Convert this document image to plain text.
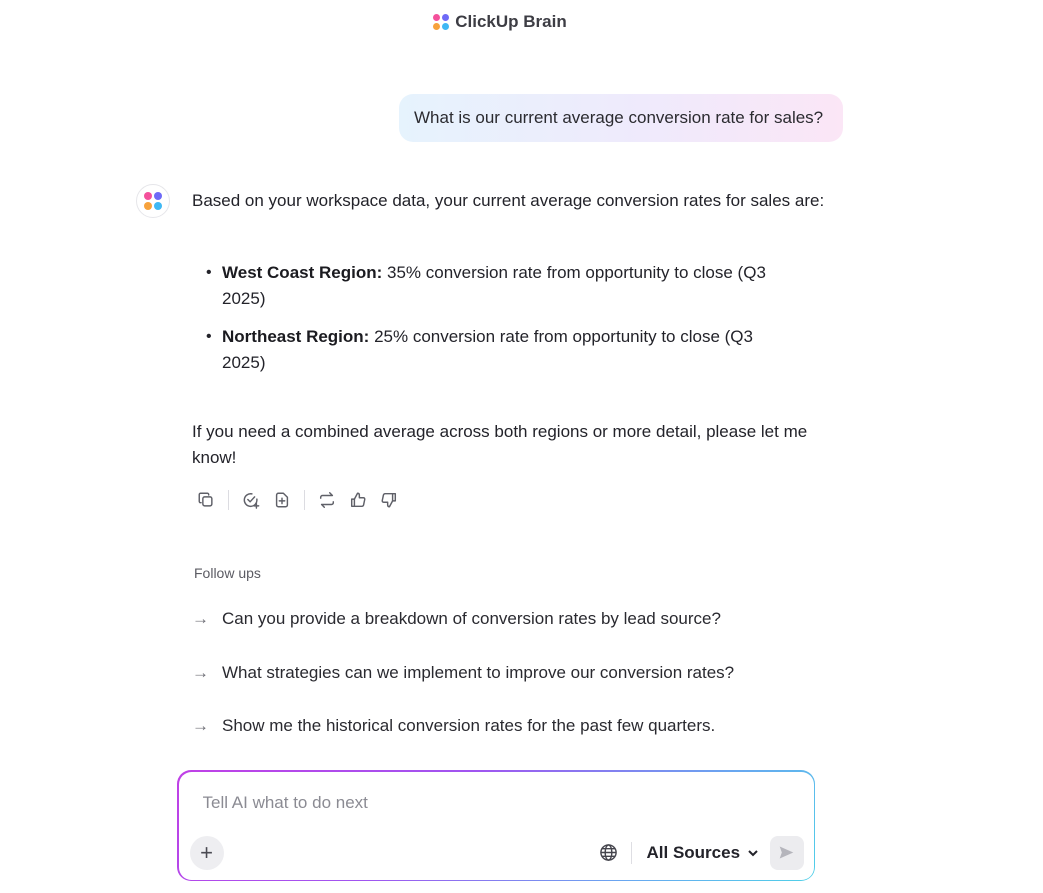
ClickUp Brain
What is our current average conversion rate for sales?
Based on your workspace data, your current average conversion rates for sales are:
• West Coast Region: 35% conversion rate from opportunity to close (Q3 2025)
• Northeast Region: 25% conversion rate from opportunity to close (Q3 2025)
If you need a combined average across both regions or more detail, please let me know!
Follow ups
→ Can you provide a breakdown of conversion rates by lead source?
→ What strategies can we implement to improve our conversion rates?
→ Show me the historical conversion rates for the past few quarters.
Tell AI what to do next
+	All Sources
